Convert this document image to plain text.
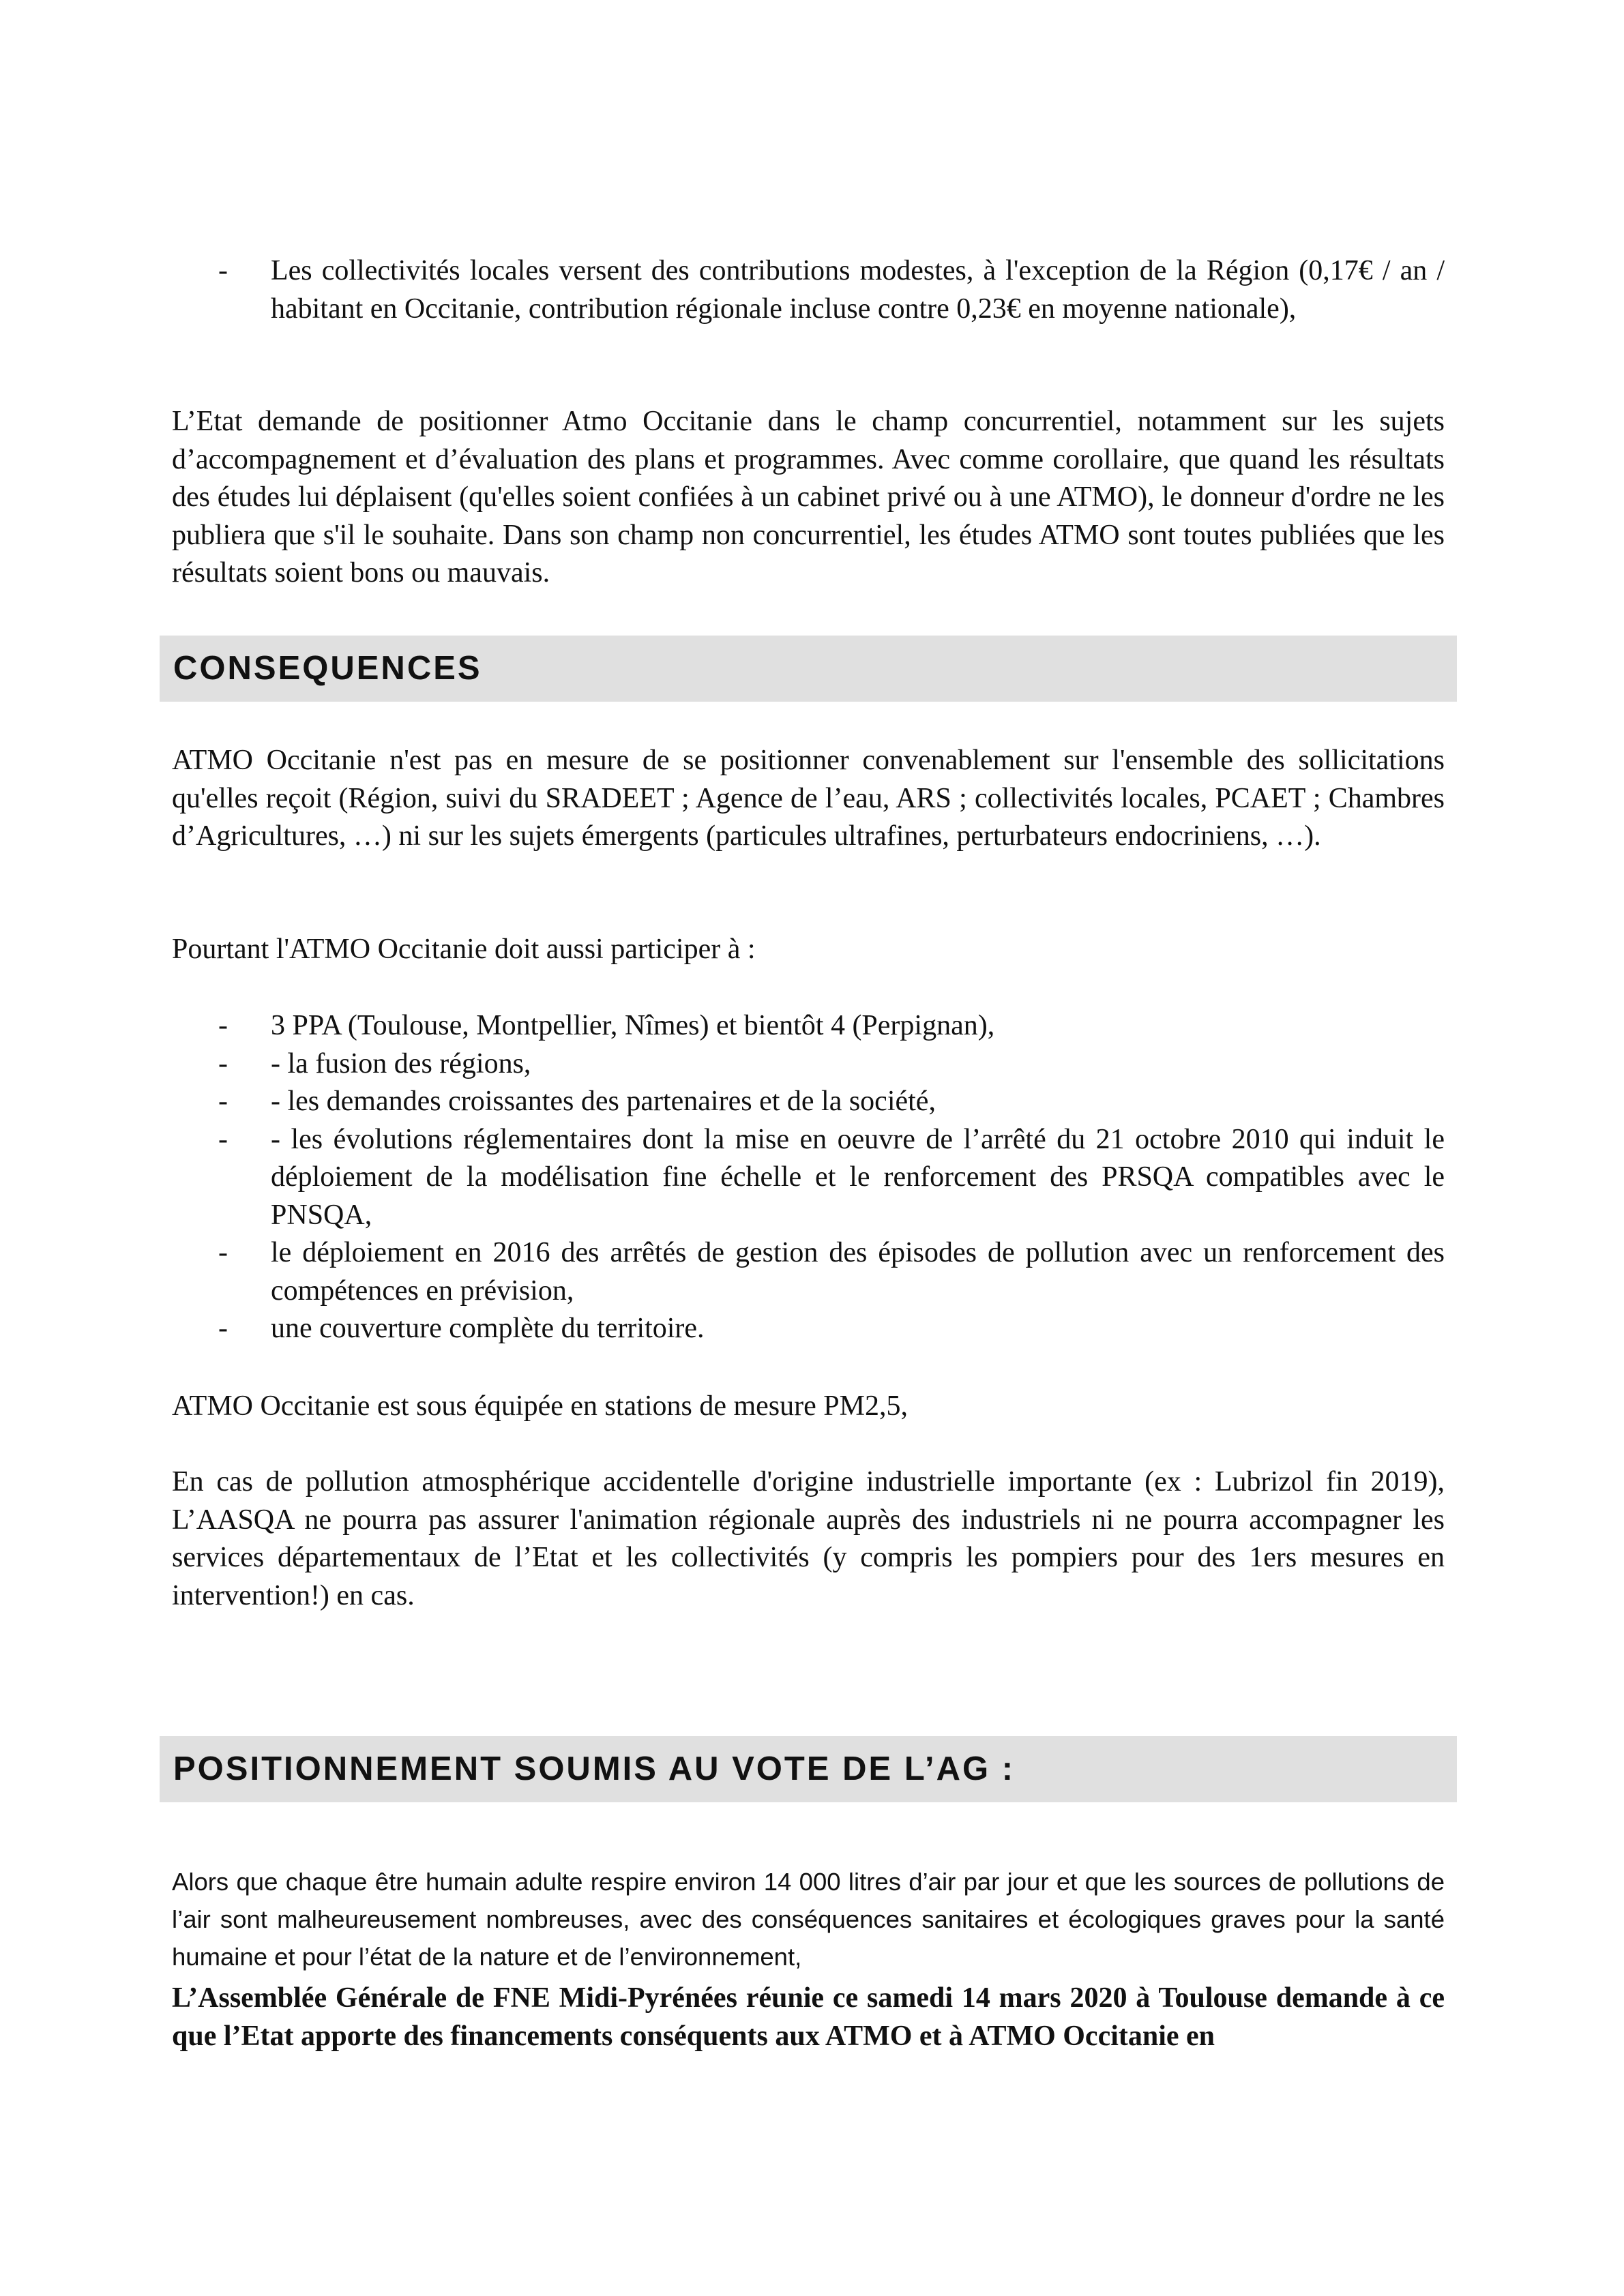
- Les collectivités locales versent des contributions modestes, à l'exception de la Région (0,17€ / an / habitant en Occitanie, contribution régionale incluse contre 0,23€ en moyenne nationale),

L’Etat demande de positionner Atmo Occitanie dans le champ concurrentiel, notamment sur les sujets d’accompagnement et d’évaluation des plans et programmes. Avec comme corollaire, que quand les résultats des études lui déplaisent (qu'elles soient confiées à un cabinet privé ou à une ATMO), le donneur d'ordre ne les publiera que s'il le souhaite. Dans son champ non concurrentiel, les études ATMO sont toutes publiées que les résultats soient bons ou mauvais.

CONSEQUENCES

ATMO Occitanie n'est pas en mesure de se positionner convenablement sur l'ensemble des sollicitations qu'elles reçoit (Région, suivi du SRADEET ; Agence de l’eau, ARS ; collectivités locales, PCAET ; Chambres d’Agricultures, …) ni sur les sujets émergents (particules ultrafines, perturbateurs endocriniens, …).

Pourtant l'ATMO Occitanie doit aussi participer à :

- 3 PPA (Toulouse, Montpellier, Nîmes) et bientôt 4 (Perpignan),
- - la fusion des régions,
- - les demandes croissantes des partenaires et de la société,
- - les évolutions réglementaires dont la mise en oeuvre de l’arrêté du 21 octobre 2010 qui induit le déploiement de la modélisation fine échelle et le renforcement des PRSQA compatibles avec le PNSQA,
- le déploiement en 2016 des arrêtés de gestion des épisodes de pollution avec un renforcement des compétences en prévision,
- une couverture complète du territoire.

ATMO Occitanie est sous équipée en stations de mesure PM2,5,

En cas de pollution atmosphérique accidentelle d'origine industrielle importante (ex : Lubrizol fin 2019), L’AASQA ne pourra pas assurer l'animation régionale auprès des industriels ni ne pourra accompagner les services départementaux de l’Etat et les collectivités (y compris les pompiers pour des 1ers mesures en intervention!) en cas.

POSITIONNEMENT SOUMIS AU VOTE DE L’AG :

Alors que chaque être humain adulte respire environ 14 000 litres d’air par jour et que les sources de pollutions de l’air sont malheureusement nombreuses, avec des conséquences sanitaires et écologiques graves pour la santé humaine et pour l’état de la nature et de l’environnement,

L’Assemblée Générale de FNE Midi-Pyrénées réunie ce samedi 14 mars 2020 à Toulouse demande à ce que l’Etat apporte des financements conséquents aux ATMO et à ATMO Occitanie en
